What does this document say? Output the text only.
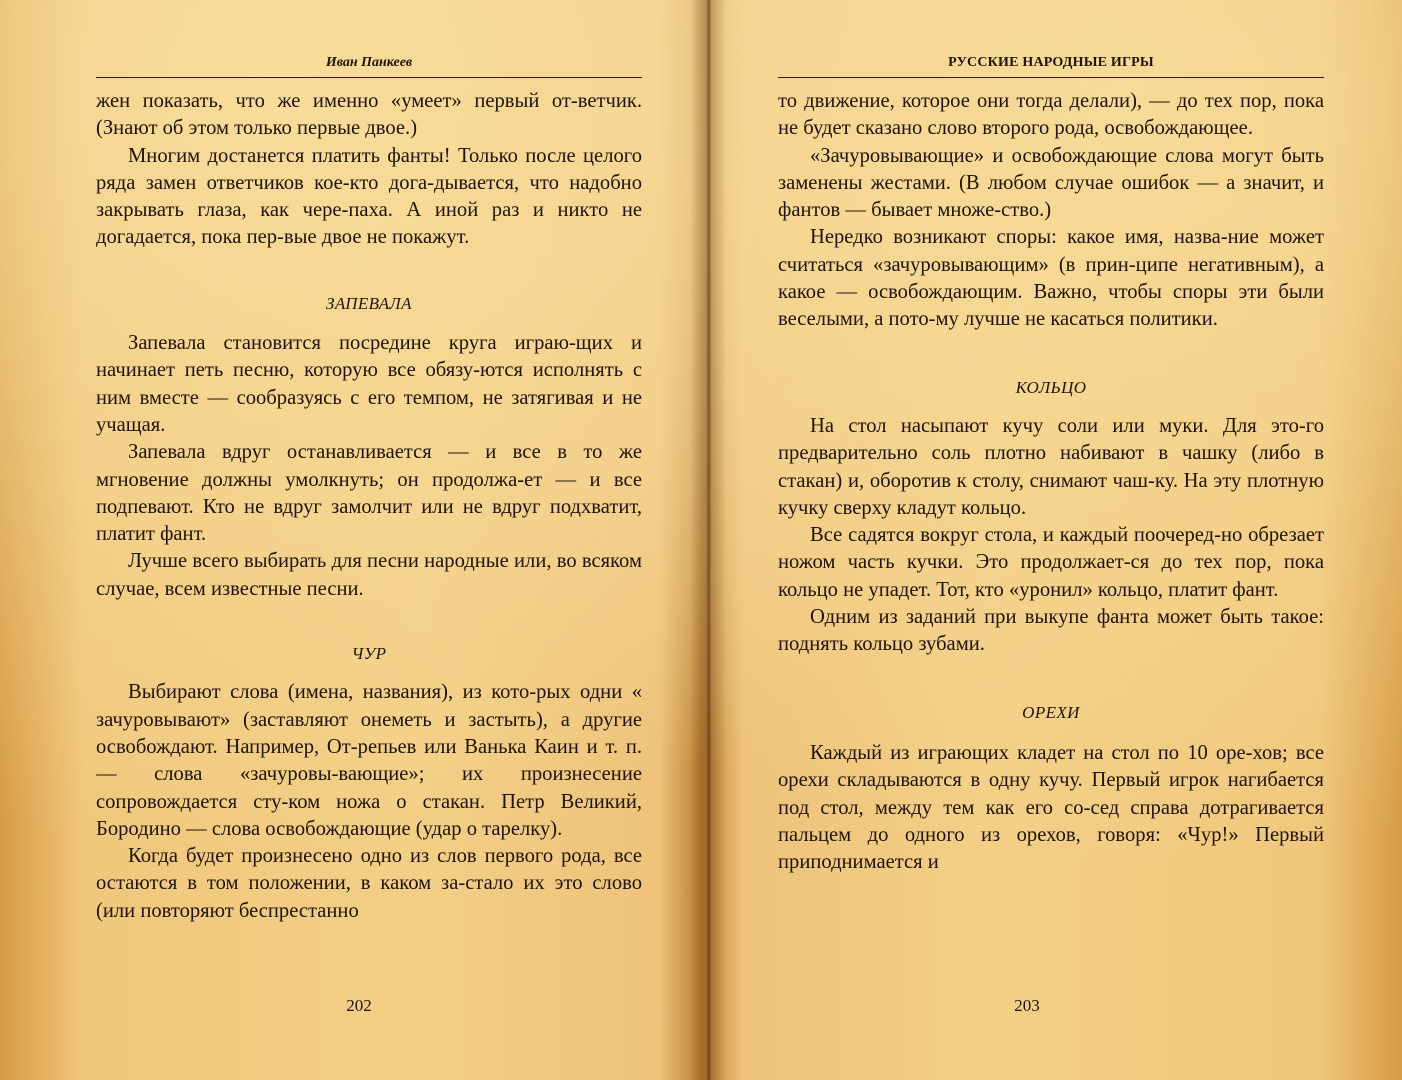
Иван Панкеев

жен показать, что же именно «умеет» первый от-ветчик. (Знают об этом только первые двое.)

Многим достанется платить фанты! Только после целого ряда замен ответчиков кое-кто дога-дывается, что надобно закрывать глаза, как чере-паха. А иной раз и никто не догадается, пока пер-вые двое не покажут.

ЗАПЕВАЛА

Запевала становится посредине круга играю-щих и начинает петь песню, которую все обязу-ются исполнять с ним вместе — сообразуясь с его темпом, не затягивая и не учащая.

Запевала вдруг останавливается — и все в то же мгновение должны умолкнуть; он продолжа-ет — и все подпевают. Кто не вдруг замолчит или не вдруг подхватит, платит фант.

Лучше всего выбирать для песни народные или, во всяком случае, всем известные песни.

ЧУР

Выбирают слова (имена, названия), из кото-рых одни « зачуровывают» (заставляют онеметь и застыть), а другие освобождают. Например, От-репьев или Ванька Каин и т. п. — слова «зачуровы-вающие»; их произнесение сопровождается сту-ком ножа о стакан. Петр Великий, Бородино — слова освобождающие (удар о тарелку).

Когда будет произнесено одно из слов первого рода, все остаются в том положении, в каком за-стало их это слово (или повторяют беспрестанно

202
РУССКИЕ НАРОДНЫЕ ИГРЫ

то движение, которое они тогда делали), — до тех пор, пока не будет сказано слово второго рода, освобождающее.

«Зачуровывающие» и освобождающие слова могут быть заменены жестами. (В любом случае ошибок — а значит, и фантов — бывает множе-ство.)

Нередко возникают споры: какое имя, назва-ние может считаться «зачуровывающим» (в прин-ципе негативным), а какое — освобождающим. Важно, чтобы споры эти были веселыми, а пото-му лучше не касаться политики.

КОЛЬЦО

На стол насыпают кучу соли или муки. Для это-го предварительно соль плотно набивают в чашку (либо в стакан) и, оборотив к столу, снимают чаш-ку. На эту плотную кучку сверху кладут кольцо.

Все садятся вокруг стола, и каждый поочеред-но обрезает ножом часть кучки. Это продолжает-ся до тех пор, пока кольцо не упадет. Тот, кто «уронил» кольцо, платит фант.

Одним из заданий при выкупе фанта может быть такое: поднять кольцо зубами.

ОРЕХИ

Каждый из играющих кладет на стол по 10 оре-хов; все орехи складываются в одну кучу. Первый игрок нагибается под стол, между тем как его со-сед справа дотрагивается пальцем до одного из орехов, говоря: «Чур!» Первый приподнимается и

203
